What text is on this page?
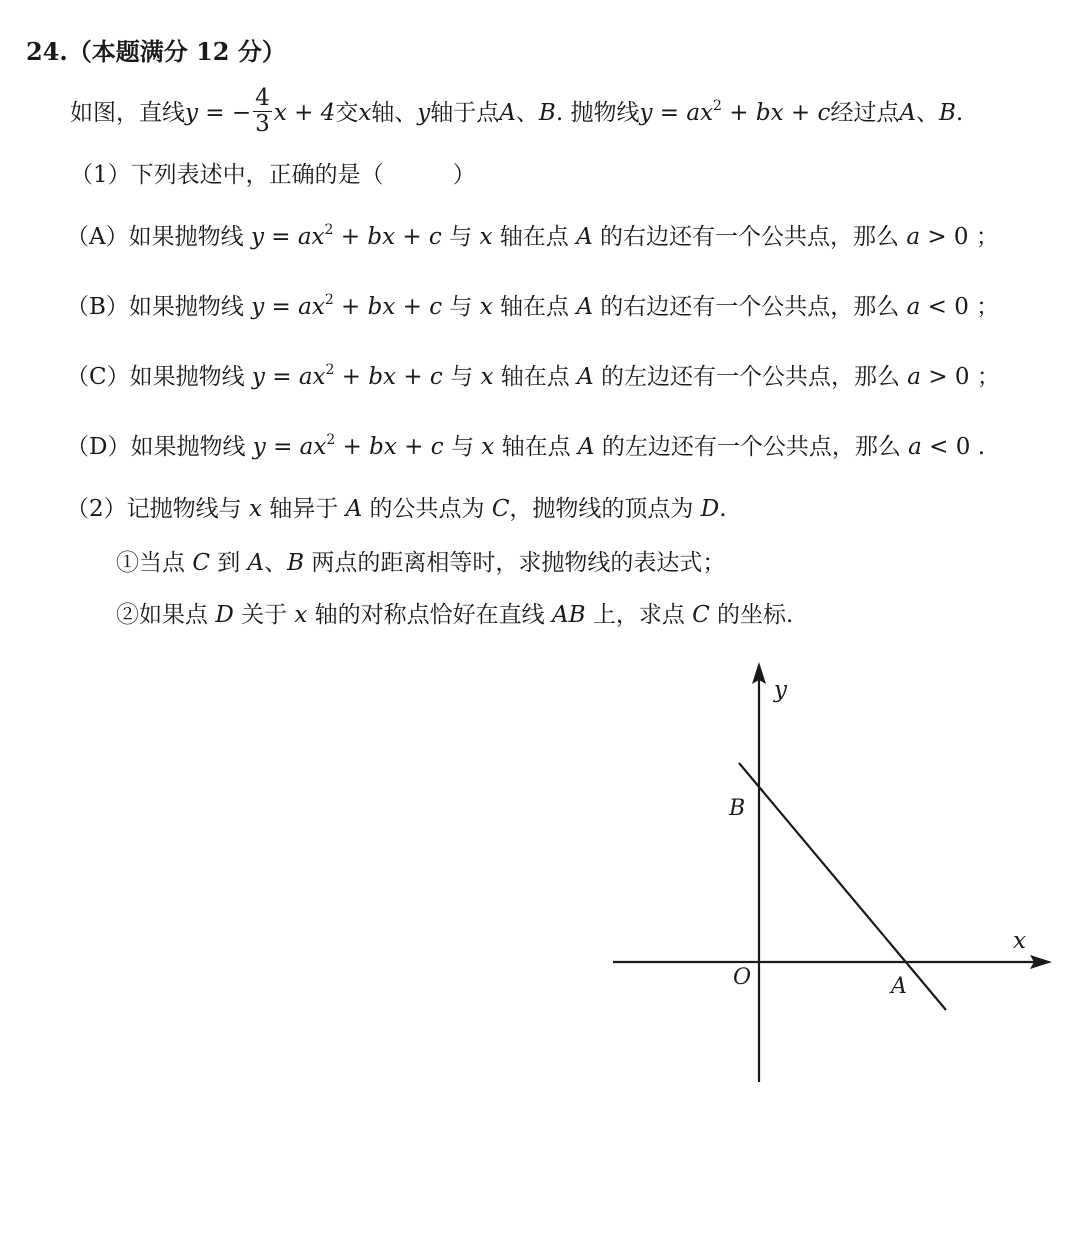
24.（本题满分 12 分）
如图，直线y = − $\frac{4}{3}$ x + 4交x轴、y轴于点A、B. 抛物线$y = ax^2$ + bx + c经过点A、B.
（1）下列表述中，正确的是（　　　）
（A）如果抛物线 $y = ax^2$ + bx + c 与 x 轴在点 A 的右边还有一个公共点，那么 a > 0 ；
（B）如果抛物线 $y = ax^2$ + bx + c 与 x 轴在点 A 的右边还有一个公共点，那么 a < 0 ；
（C）如果抛物线 $y = ax^2$ + bx + c 与 x 轴在点 A 的左边还有一个公共点，那么 a > 0 ；
（D）如果抛物线 $y = ax^2$ + bx + c 与 x 轴在点 A 的左边还有一个公共点，那么 a < 0 .
（2）记抛物线与 x 轴异于 A 的公共点为 C，抛物线的顶点为 D.
①当点 C 到 A、B 两点的距离相等时，求抛物线的表达式；
②如果点 D 关于 x 轴的对称点恰好在直线 AB 上，求点 C 的坐标.
y
x
O	A
B
